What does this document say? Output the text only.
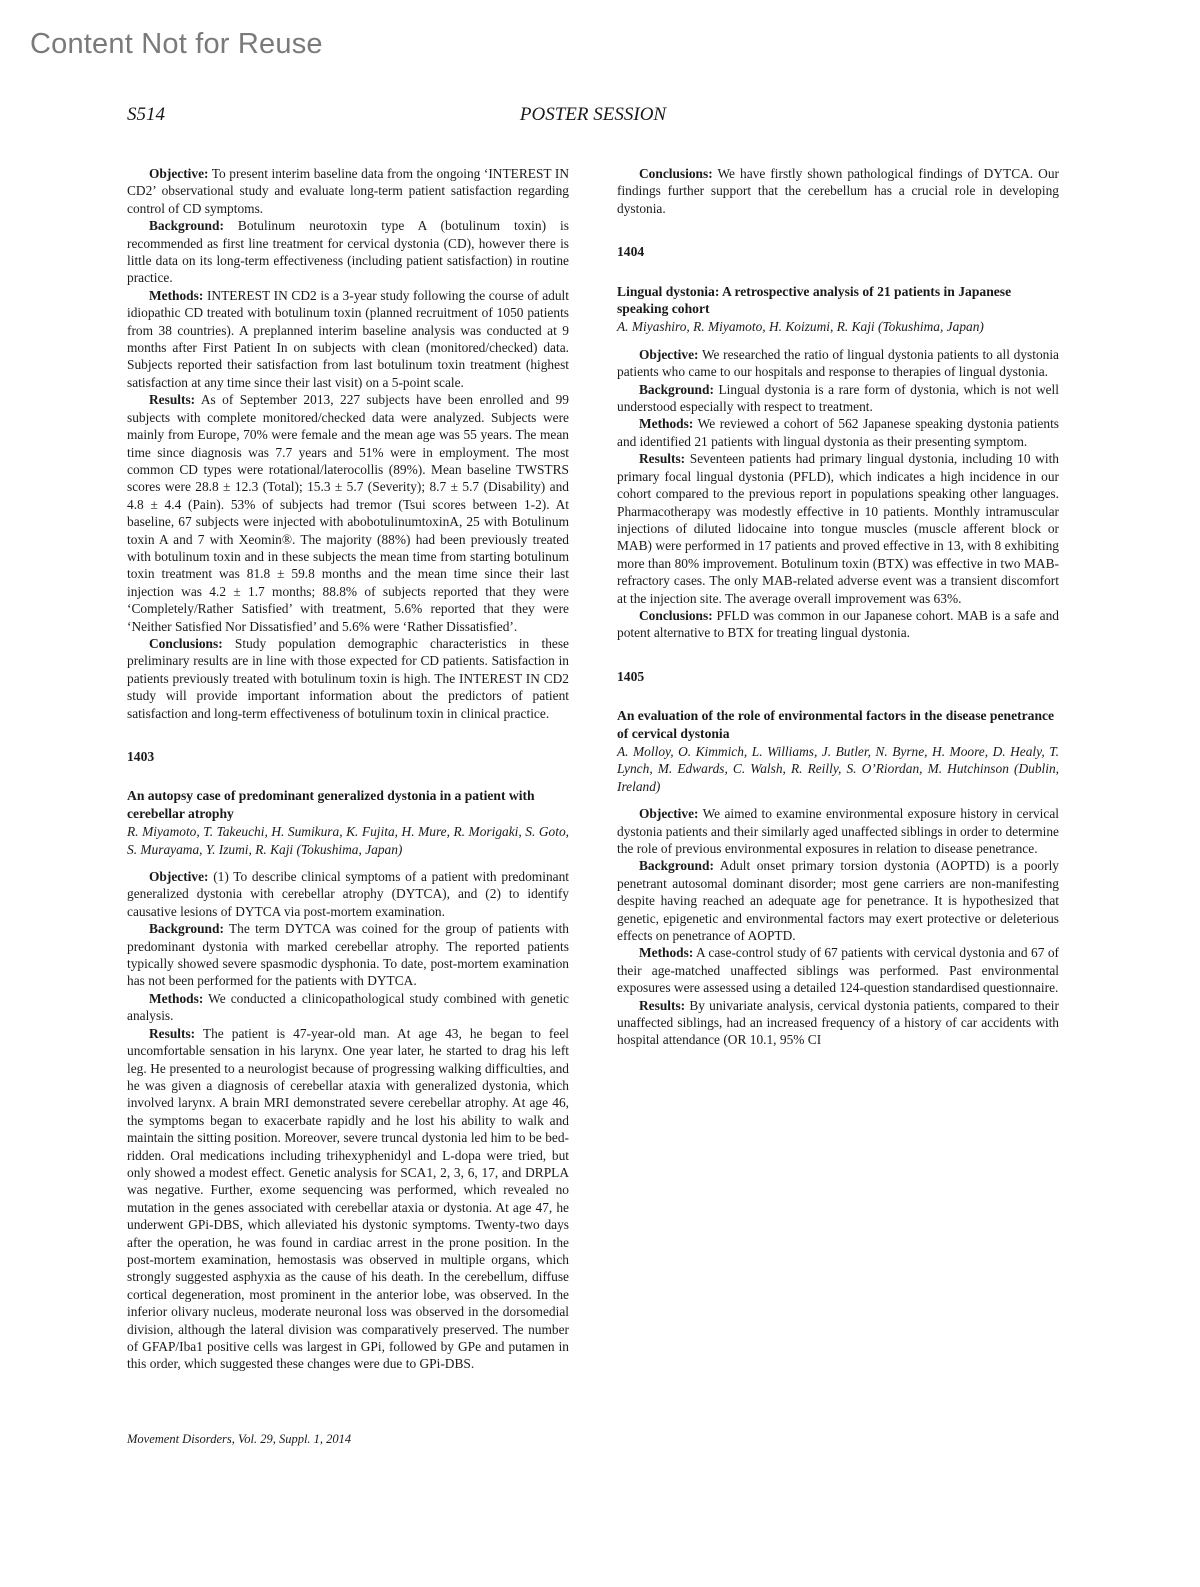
Content Not for Reuse
S514	POSTER SESSION

Objective: To present interim baseline data from the ongoing ‘INTEREST IN CD2’ observational study and evaluate long-term patient satisfaction regarding control of CD symptoms.

Background: Botulinum neurotoxin type A (botulinum toxin) is recommended as first line treatment for cervical dystonia (CD), however there is little data on its long-term effectiveness (including patient satisfaction) in routine practice.

Methods: INTEREST IN CD2 is a 3-year study following the course of adult idiopathic CD treated with botulinum toxin (planned recruitment of 1050 patients from 38 countries). A preplanned interim baseline analysis was conducted at 9 months after First Patient In on subjects with clean (monitored/checked) data. Subjects reported their satisfaction from last botulinum toxin treatment (highest satisfaction at any time since their last visit) on a 5-point scale.

Results: As of September 2013, 227 subjects have been enrolled and 99 subjects with complete monitored/checked data were analyzed. Subjects were mainly from Europe, 70% were female and the mean age was 55 years. The mean time since diagnosis was 7.7 years and 51% were in employment. The most common CD types were rotational/laterocollis (89%). Mean baseline TWSTRS scores were 28.8 ± 12.3 (Total); 15.3 ± 5.7 (Severity); 8.7 ± 5.7 (Disability) and 4.8 ± 4.4 (Pain). 53% of subjects had tremor (Tsui scores between 1-2). At baseline, 67 subjects were injected with abobotulinumtoxinA, 25 with Botulinum toxin A and 7 with Xeomin®. The majority (88%) had been previously treated with botulinum toxin and in these subjects the mean time from starting botulinum toxin treatment was 81.8 ± 59.8 months and the mean time since their last injection was 4.2 ± 1.7 months; 88.8% of subjects reported that they were ‘Completely/Rather Satisfied’ with treatment, 5.6% reported that they were ‘Neither Satisfied Nor Dissatisfied’ and 5.6% were ‘Rather Dissatisfied’.

Conclusions: Study population demographic characteristics in these preliminary results are in line with those expected for CD patients. Satisfaction in patients previously treated with botulinum toxin is high. The INTEREST IN CD2 study will provide important information about the predictors of patient satisfaction and long-term effectiveness of botulinum toxin in clinical practice.

1403
An autopsy case of predominant generalized dystonia in a patient with cerebellar atrophy
R. Miyamoto, T. Takeuchi, H. Sumikura, K. Fujita, H. Mure, R. Morigaki, S. Goto, S. Murayama, Y. Izumi, R. Kaji (Tokushima, Japan)

Objective: (1) To describe clinical symptoms of a patient with predominant generalized dystonia with cerebellar atrophy (DYTCA), and (2) to identify causative lesions of DYTCA via post-mortem examination.

Background: The term DYTCA was coined for the group of patients with predominant dystonia with marked cerebellar atrophy. The reported patients typically showed severe spasmodic dysphonia. To date, post-mortem examination has not been performed for the patients with DYTCA.

Methods: We conducted a clinicopathological study combined with genetic analysis.

Results: The patient is 47-year-old man. At age 43, he began to feel uncomfortable sensation in his larynx. One year later, he started to drag his left leg. He presented to a neurologist because of progressing walking difficulties, and he was given a diagnosis of cerebellar ataxia with generalized dystonia, which involved larynx. A brain MRI demonstrated severe cerebellar atrophy. At age 46, the symptoms began to exacerbate rapidly and he lost his ability to walk and maintain the sitting position. Moreover, severe truncal dystonia led him to be bed-ridden. Oral medications including trihexyphenidyl and L-dopa were tried, but only showed a modest effect. Genetic analysis for SCA1, 2, 3, 6, 17, and DRPLA was negative. Further, exome sequencing was performed, which revealed no mutation in the genes associated with cerebellar ataxia or dystonia. At age 47, he underwent GPi-DBS, which alleviated his dystonic symptoms. Twenty-two days after the operation, he was found in cardiac arrest in the prone position. In the post-mortem examination, hemostasis was observed in multiple organs, which strongly suggested asphyxia as the cause of his death. In the cerebellum, diffuse cortical degeneration, most prominent in the anterior lobe, was observed. In the inferior olivary nucleus, moderate neuronal loss was observed in the dorsomedial division, although the lateral division was comparatively preserved. The number of GFAP/Iba1 positive cells was largest in GPi, followed by GPe and putamen in this order, which suggested these changes were due to GPi-DBS.

Conclusions: We have firstly shown pathological findings of DYTCA. Our findings further support that the cerebellum has a crucial role in developing dystonia.

1404
Lingual dystonia: A retrospective analysis of 21 patients in Japanese speaking cohort
A. Miyashiro, R. Miyamoto, H. Koizumi, R. Kaji (Tokushima, Japan)

Objective: We researched the ratio of lingual dystonia patients to all dystonia patients who came to our hospitals and response to therapies of lingual dystonia.

Background: Lingual dystonia is a rare form of dystonia, which is not well understood especially with respect to treatment.

Methods: We reviewed a cohort of 562 Japanese speaking dystonia patients and identified 21 patients with lingual dystonia as their presenting symptom.

Results: Seventeen patients had primary lingual dystonia, including 10 with primary focal lingual dystonia (PFLD), which indicates a high incidence in our cohort compared to the previous report in populations speaking other languages. Pharmacotherapy was modestly effective in 10 patients. Monthly intramuscular injections of diluted lidocaine into tongue muscles (muscle afferent block or MAB) were performed in 17 patients and proved effective in 13, with 8 exhibiting more than 80% improvement. Botulinum toxin (BTX) was effective in two MAB-refractory cases. The only MAB-related adverse event was a transient discomfort at the injection site. The average overall improvement was 63%.

Conclusions: PFLD was common in our Japanese cohort. MAB is a safe and potent alternative to BTX for treating lingual dystonia.

1405
An evaluation of the role of environmental factors in the disease penetrance of cervical dystonia
A. Molloy, O. Kimmich, L. Williams, J. Butler, N. Byrne, H. Moore, D. Healy, T. Lynch, M. Edwards, C. Walsh, R. Reilly, S. O’Riordan, M. Hutchinson (Dublin, Ireland)

Objective: We aimed to examine environmental exposure history in cervical dystonia patients and their similarly aged unaffected siblings in order to determine the role of previous environmental exposures in relation to disease penetrance.

Background: Adult onset primary torsion dystonia (AOPTD) is a poorly penetrant autosomal dominant disorder; most gene carriers are non-manifesting despite having reached an adequate age for penetrance. It is hypothesized that genetic, epigenetic and environmental factors may exert protective or deleterious effects on penetrance of AOPTD.

Methods: A case-control study of 67 patients with cervical dystonia and 67 of their age-matched unaffected siblings was performed. Past environmental exposures were assessed using a detailed 124-question standardised questionnaire.

Results: By univariate analysis, cervical dystonia patients, compared to their unaffected siblings, had an increased frequency of a history of car accidents with hospital attendance (OR 10.1, 95% CI

Movement Disorders, Vol. 29, Suppl. 1, 2014
